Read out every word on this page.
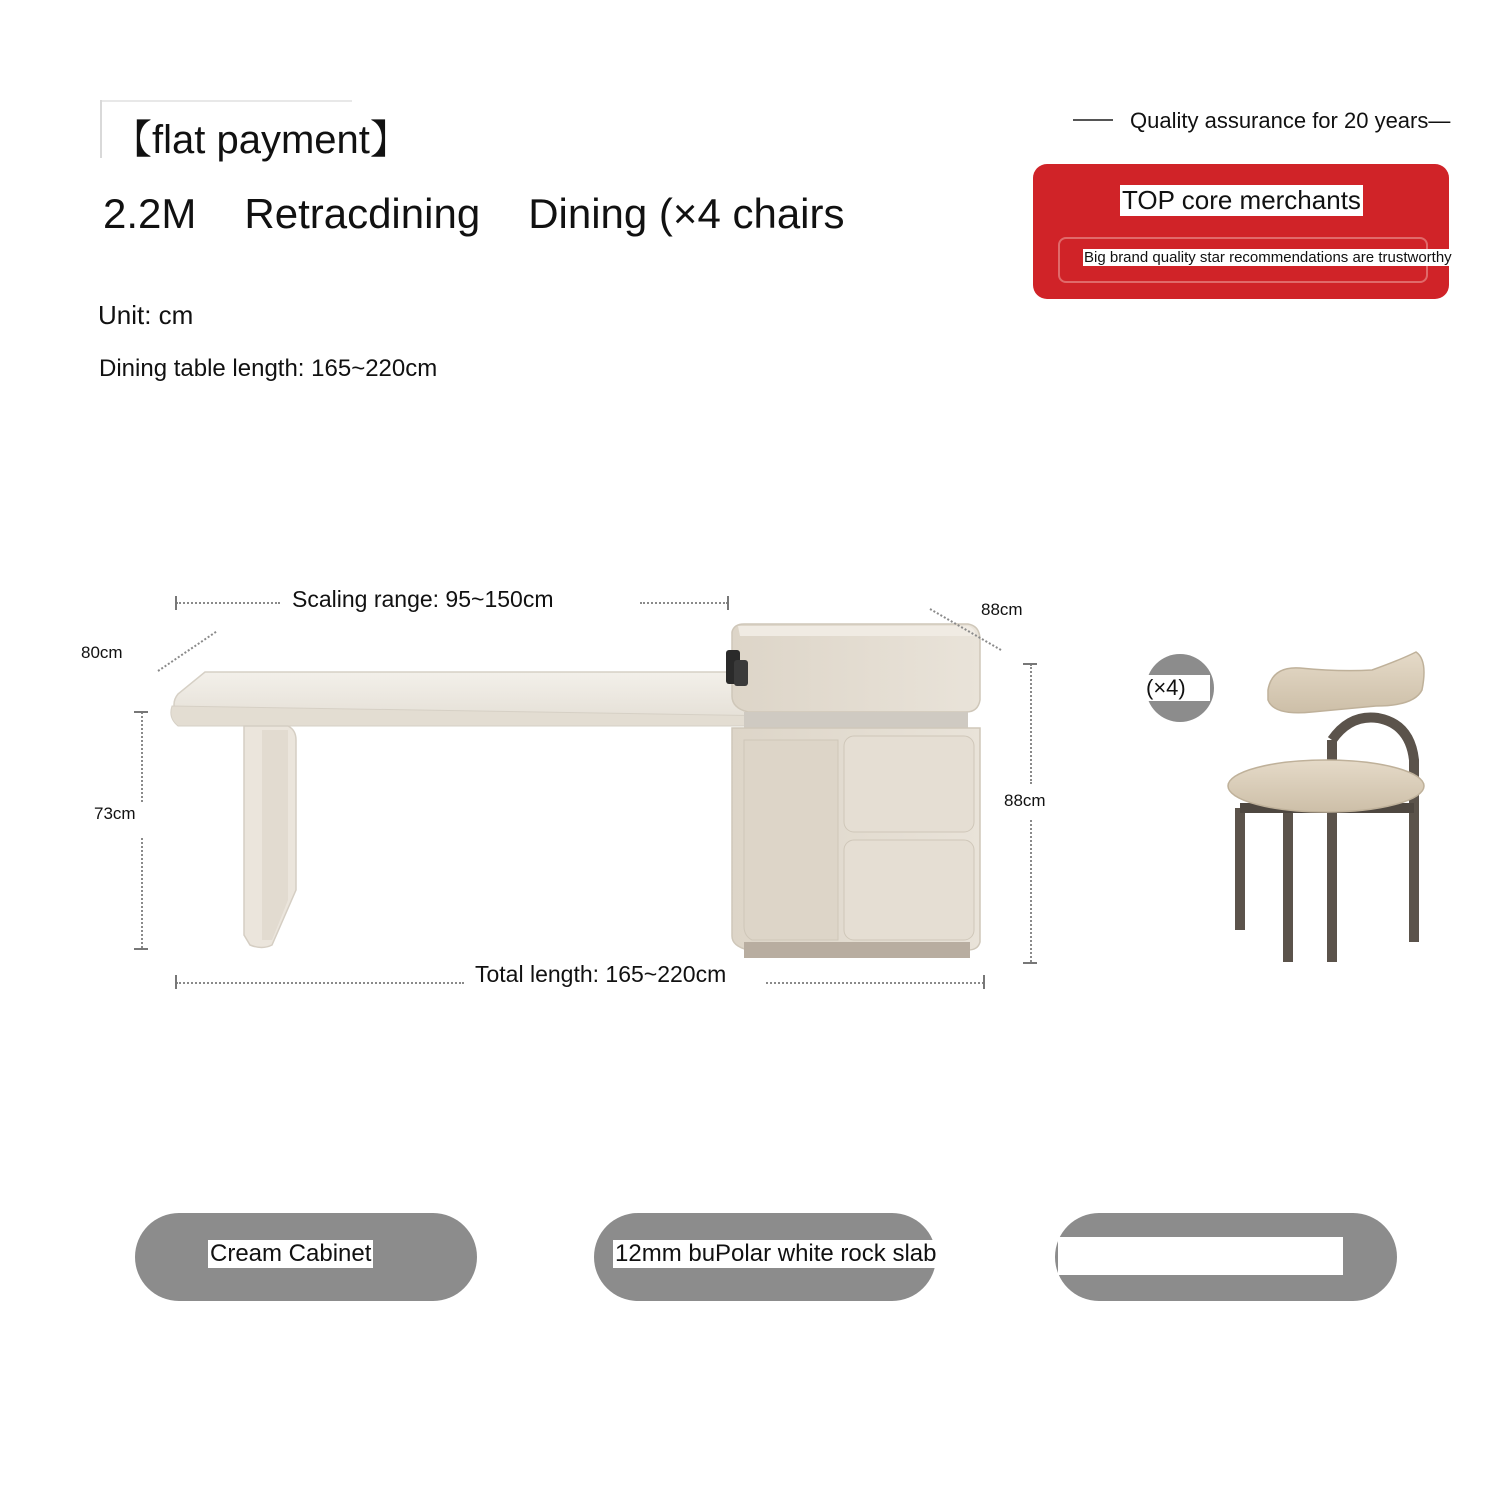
【flat payment】
2.2M Retracdining Dining (×4 chairs
Unit: cm
Dining table length: 165~220cm
Quality assurance for 20 years—
TOP core merchants
Big brand quality star recommendations are trustworthy
Scaling range: 95~150cm
80cm
88cm
73cm
88cm
Total length: 165~220cm
(×4)
Cream Cabinet	12mm buPolar white rock slab
